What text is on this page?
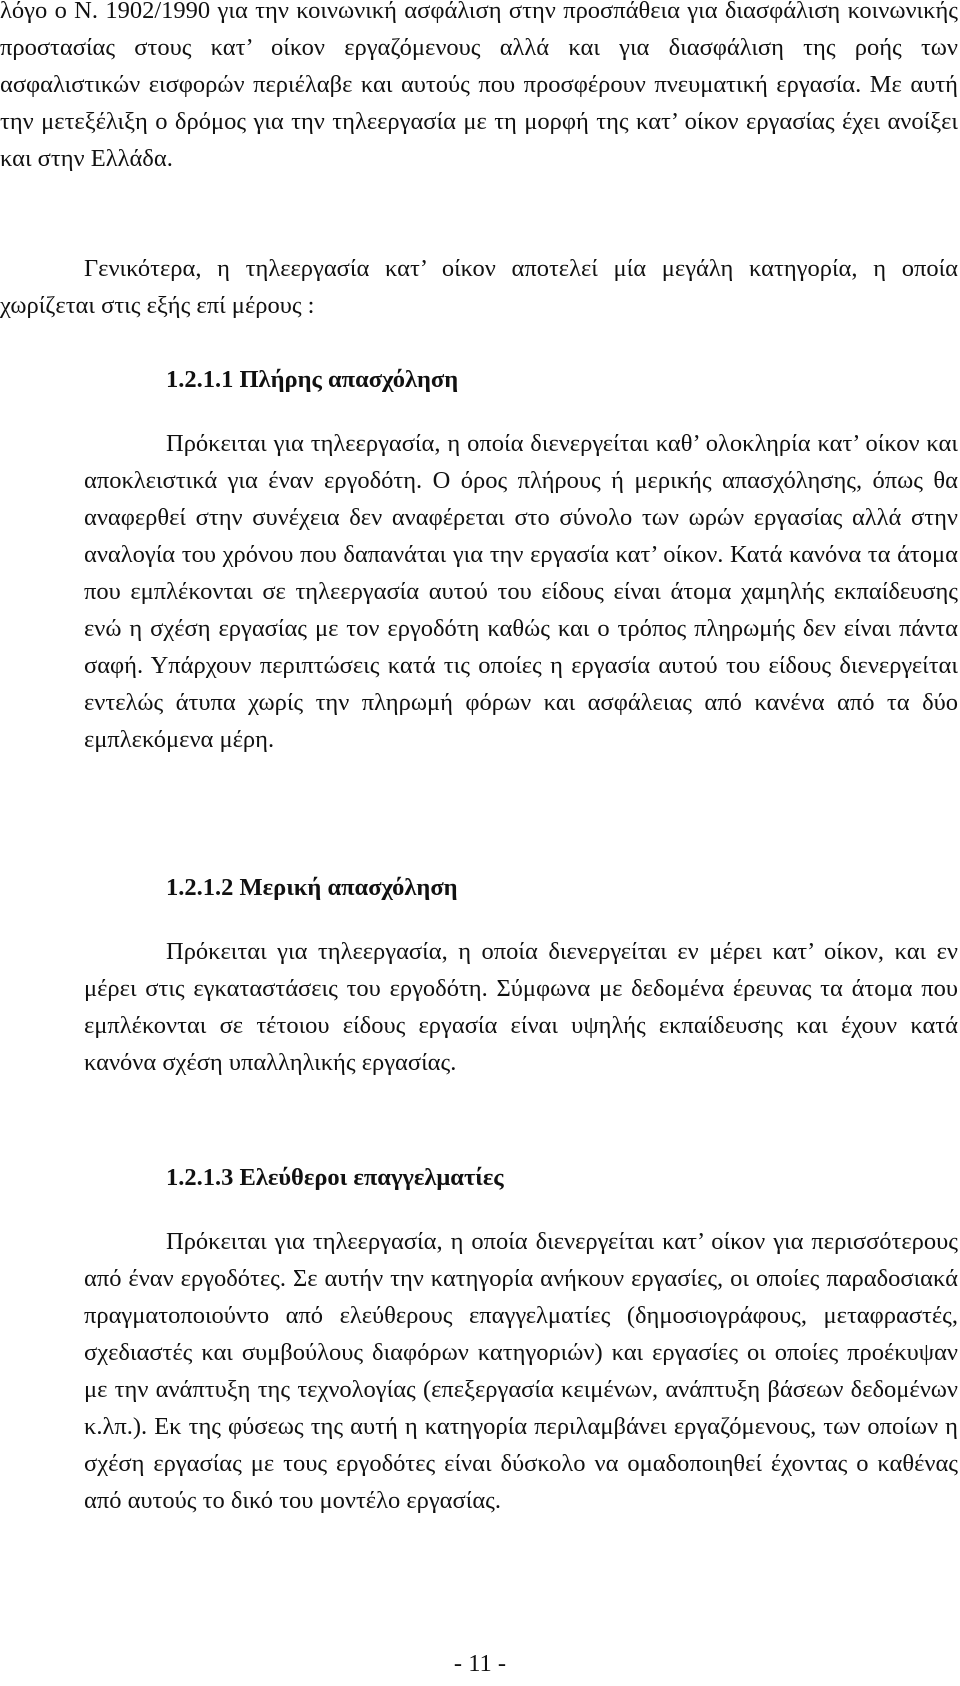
λόγο ο Ν. 1902/1990 για την κοινωνική ασφάλιση στην προσπάθεια για διασφάλιση κοινωνικής προστασίας στους κατ’ οίκον εργαζόμενους αλλά και για διασφάλιση της ροής των ασφαλιστικών εισφορών περιέλαβε και αυτούς που προσφέρουν πνευματική εργασία. Με αυτή την μετεξέλιξη ο δρόμος για την τηλεεργασία με τη μορφή της κατ’ οίκον εργασίας έχει ανοίξει και στην Ελλάδα.

Γενικότερα, η τηλεεργασία κατ’ οίκον αποτελεί μία μεγάλη κατηγορία, η οποία χωρίζεται στις εξής επί μέρους :

1.2.1.1 Πλήρης απασχόληση

Πρόκειται για τηλεεργασία, η οποία διενεργείται καθ’ ολοκληρία κατ’ οίκον και αποκλειστικά για έναν εργοδότη. Ο όρος πλήρους ή μερικής απασχόλησης, όπως θα αναφερθεί στην συνέχεια δεν αναφέρεται στο σύνολο των ωρών εργασίας αλλά στην αναλογία του χρόνου που δαπανάται για την εργασία κατ’ οίκον. Κατά κανόνα τα άτομα που εμπλέκονται σε τηλεεργασία αυτού του είδους είναι άτομα χαμηλής εκπαίδευσης ενώ η σχέση εργασίας με τον εργοδότη καθώς και ο τρόπος πληρωμής δεν είναι πάντα σαφή. Υπάρχουν περιπτώσεις κατά τις οποίες η εργασία αυτού του είδους διενεργείται εντελώς άτυπα χωρίς την πληρωμή φόρων και ασφάλειας από κανένα από τα δύο εμπλεκόμενα μέρη.

1.2.1.2 Μερική απασχόληση

Πρόκειται για τηλεεργασία, η οποία διενεργείται εν μέρει κατ’ οίκον, και εν μέρει στις εγκαταστάσεις του εργοδότη. Σύμφωνα με δεδομένα έρευνας τα άτομα που εμπλέκονται σε τέτοιου είδους εργασία είναι υψηλής εκπαίδευσης και έχουν κατά κανόνα σχέση υπαλληλικής εργασίας.

1.2.1.3 Ελεύθεροι επαγγελματίες

Πρόκειται για τηλεεργασία, η οποία διενεργείται κατ’ οίκον για περισσότερους από έναν εργοδότες. Σε αυτήν την κατηγορία ανήκουν εργασίες, οι οποίες παραδοσιακά πραγματοποιούντο από ελεύθερους επαγγελματίες (δημοσιογράφους, μεταφραστές, σχεδιαστές και συμβούλους διαφόρων κατηγοριών) και εργασίες οι οποίες προέκυψαν με την ανάπτυξη της τεχνολογίας (επεξεργασία κειμένων, ανάπτυξη βάσεων δεδομένων κ.λπ.). Εκ της φύσεως της αυτή η κατηγορία περιλαμβάνει εργαζόμενους, των οποίων η σχέση εργασίας με τους εργοδότες είναι δύσκολο να ομαδοποιηθεί έχοντας ο καθένας από αυτούς το δικό του μοντέλο εργασίας.

- 11 -
